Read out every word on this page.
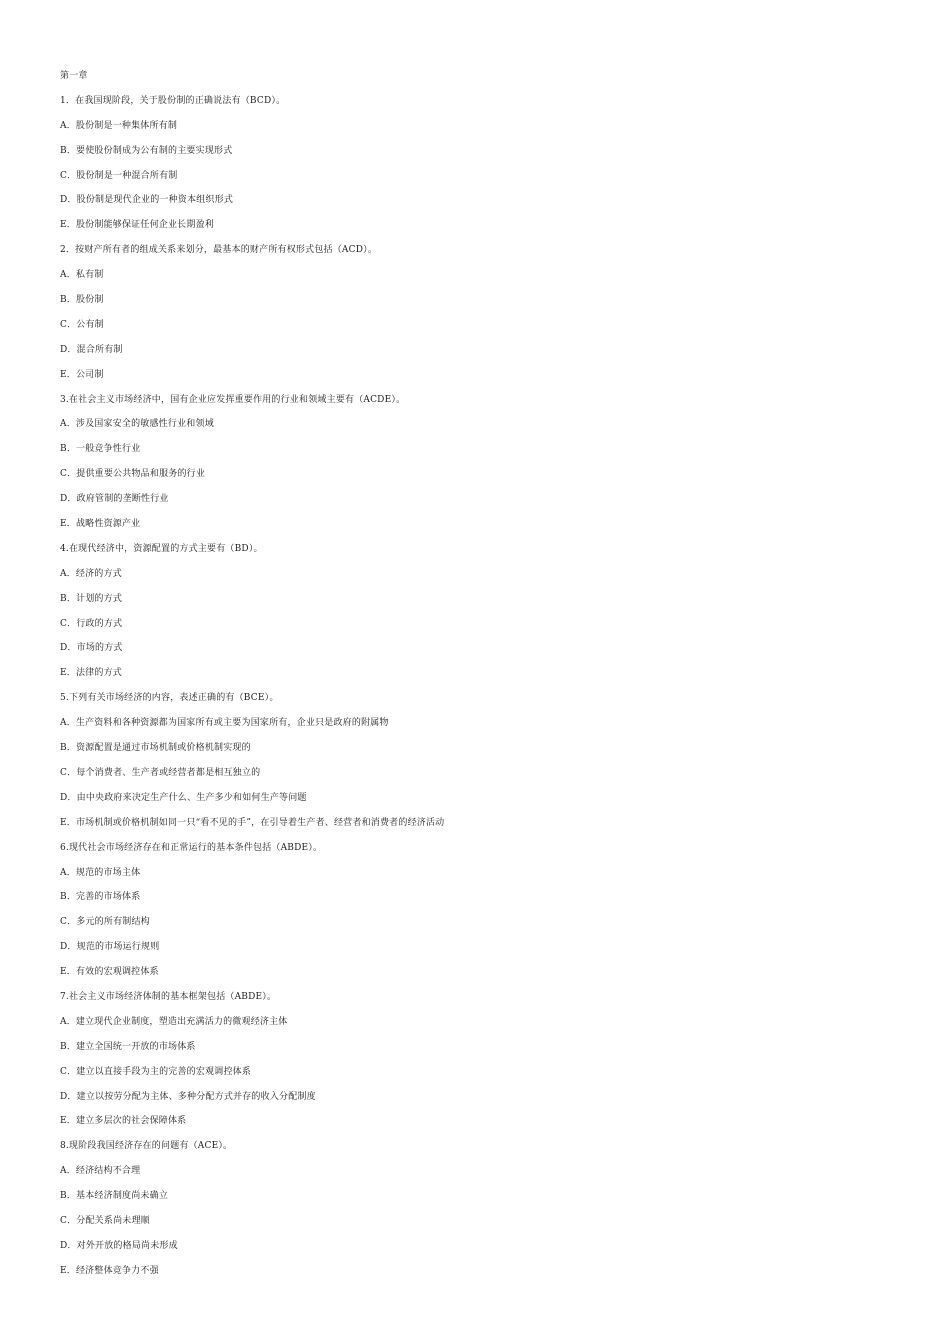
第一章
1．在我国现阶段，关于股份制的正确说法有（BCD）。
A．股份制是一种集体所有制
B．要使股份制成为公有制的主要实现形式
C．股份制是一种混合所有制
D．股份制是现代企业的一种资本组织形式
E．股份制能够保证任何企业长期盈利
2．按财产所有者的组成关系来划分，最基本的财产所有权形式包括（ACD）。
A．私有制
B．股份制
C．公有制
D．混合所有制
E．公司制
3.在社会主义市场经济中，国有企业应发挥重要作用的行业和领域主要有（ACDE）。
A．涉及国家安全的敏感性行业和领域
B．一般竞争性行业
C．提供重要公共物品和服务的行业
D．政府管制的垄断性行业
E．战略性资源产业
4.在现代经济中，资源配置的方式主要有（BD）。
A．经济的方式
B．计划的方式
C．行政的方式
D．市场的方式
E．法律的方式
5.下列有关市场经济的内容，表述正确的有（BCE）。
A．生产资料和各种资源都为国家所有或主要为国家所有，企业只是政府的附属物
B．资源配置是通过市场机制或价格机制实现的
C．每个消费者、生产者或经营者都是相互独立的
D．由中央政府来决定生产什么、生产多少和如何生产等问题
E．市场机制或价格机制如同一只“看不见的手”，在引导着生产者、经营者和消费者的经济活动
6.现代社会市场经济存在和正常运行的基本条件包括（ABDE）。
A．规范的市场主体
B．完善的市场体系
C．多元的所有制结构
D．规范的市场运行规则
E．有效的宏观调控体系
7.社会主义市场经济体制的基本框架包括（ABDE）。
A．建立现代企业制度，塑造出充满活力的微观经济主体
B．建立全国统一开放的市场体系
C．建立以直接手段为主的完善的宏观调控体系
D．建立以按劳分配为主体、多种分配方式并存的收入分配制度
E．建立多层次的社会保障体系
8.现阶段我国经济存在的问题有（ACE）。
A．经济结构不合理
B．基本经济制度尚未确立
C．分配关系尚未理顺
D．对外开放的格局尚未形成
E．经济整体竞争力不强
